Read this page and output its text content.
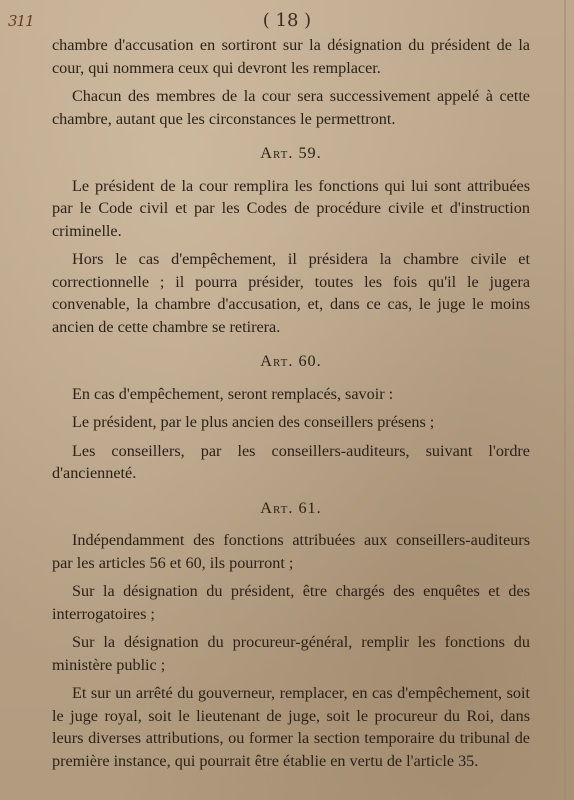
311	( 18 )

chambre d'accusation en sortiront sur la désignation du président de la cour, qui nommera ceux qui devront les remplacer.

Chacun des membres de la cour sera successivement appelé à cette chambre, autant que les circonstances le permettront.

Art. 59.

Le président de la cour remplira les fonctions qui lui sont attribuées par le Code civil et par les Codes de procédure civile et d'instruction criminelle.

Hors le cas d'empêchement, il présidera la chambre civile et correctionnelle ; il pourra présider, toutes les fois qu'il le jugera convenable, la chambre d'accusation, et, dans ce cas, le juge le moins ancien de cette chambre se retirera.

Art. 60.

En cas d'empêchement, seront remplacés, savoir :

Le président, par le plus ancien des conseillers présens ;

Les conseillers, par les conseillers-auditeurs, suivant l'ordre d'ancienneté.

Art. 61.

Indépendamment des fonctions attribuées aux conseillers-auditeurs par les articles 56 et 60, ils pourront ;

Sur la désignation du président, être chargés des enquêtes et des interrogatoires ;

Sur la désignation du procureur-général, remplir les fonctions du ministère public ;

Et sur un arrêté du gouverneur, remplacer, en cas d'empêchement, soit le juge royal, soit le lieutenant de juge, soit le procureur du Roi, dans leurs diverses attributions, ou former la section temporaire du tribunal de première instance, qui pourrait être établie en vertu de l'article 35.
